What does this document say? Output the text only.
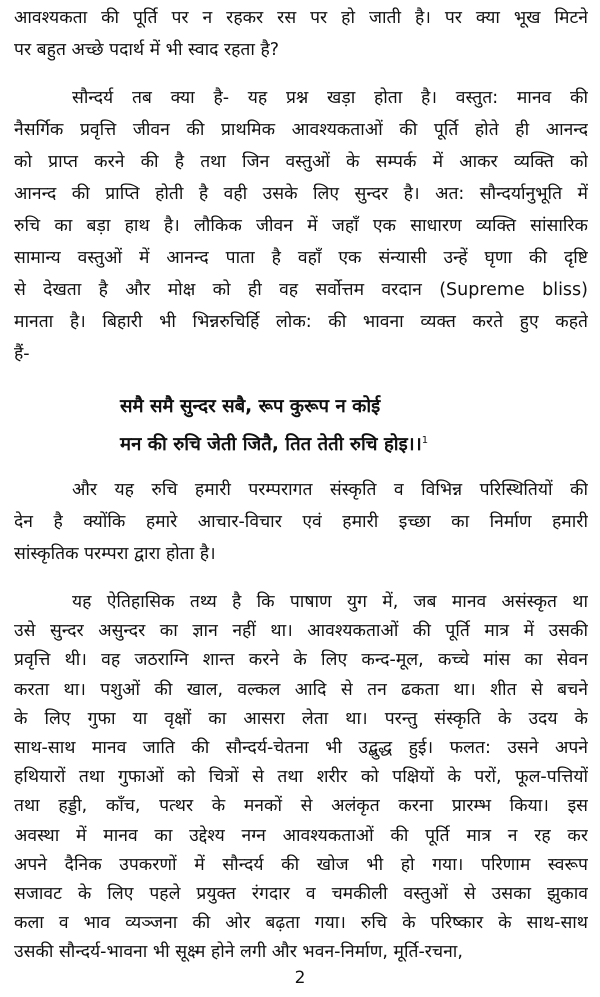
आवश्यकता की पूर्ति पर न रहकर रस पर हो जाती है। पर क्या भूख मिटने
पर बहुत अच्छे पदार्थ में भी स्वाद रहता है?
सौन्दर्य तब क्या है- यह प्रश्न खड़ा होता है। वस्तुत: मानव की
नैसर्गिक प्रवृत्ति जीवन की प्राथमिक आवश्यकताओं की पूर्ति होते ही आनन्द
को प्राप्त करने की है तथा जिन वस्तुओं के सम्पर्क में आकर व्यक्ति को
आनन्द की प्राप्ति होती है वही उसके लिए सुन्दर है। अत: सौन्दर्यानुभूति में
रुचि का बड़ा हाथ है। लौकिक जीवन में जहाँ एक साधारण व्यक्ति सांसारिक
सामान्य वस्तुओं में आनन्द पाता है वहाँ एक संन्यासी उन्हें घृणा की दृष्टि
से देखता है और मोक्ष को ही वह सर्वोत्तम वरदान (Supreme bliss)
मानता है। बिहारी भी भिन्नरुचिर्हि लोक: की भावना व्यक्त करते हुए कहते
हैं-
समै समै सुन्दर सबै, रूप कुरूप न कोई
मन की रुचि जेती जितै, तित तेती रुचि होइ।।$^1$
और यह रुचि हमारी परम्परागत संस्कृति व विभिन्न परिस्थितियों की
देन है क्योंकि हमारे आचार-विचार एवं हमारी इच्छा का निर्माण हमारी
सांस्कृतिक परम्परा द्वारा होता है।
यह ऐतिहासिक तथ्य है कि पाषाण युग में, जब मानव असंस्कृत था
उसे सुन्दर असुन्दर का ज्ञान नहीं था। आवश्यकताओं की पूर्ति मात्र में उसकी
प्रवृत्ति थी। वह जठराग्नि शान्त करने के लिए कन्द-मूल, कच्चे मांस का सेवन
करता था। पशुओं की खाल, वल्कल आदि से तन ढकता था। शीत से बचने
के लिए गुफा या वृक्षों का आसरा लेता था। परन्तु संस्कृति के उदय के
साथ-साथ मानव जाति की सौन्दर्य-चेतना भी उद्बुद्ध हुई। फलत: उसने अपने
हथियारों तथा गुफाओं को चित्रों से तथा शरीर को पक्षियों के परों, फूल-पत्तियों
तथा हड्डी, काँच, पत्थर के मनकों से अलंकृत करना प्रारम्भ किया। इस
अवस्था में मानव का उद्देश्य नग्न आवश्यकताओं की पूर्ति मात्र न रह कर
अपने दैनिक उपकरणों में सौन्दर्य की खोज भी हो गया। परिणाम स्वरूप
सजावट के लिए पहले प्रयुक्त रंगदार व चमकीली वस्तुओं से उसका झुकाव
कला व भाव व्यञ्जना की ओर बढ़ता गया। रुचि के परिष्कार के साथ-साथ
उसकी सौन्दर्य-भावना भी सूक्ष्म होने लगी और भवन-निर्माण, मूर्ति-रचना,
2
